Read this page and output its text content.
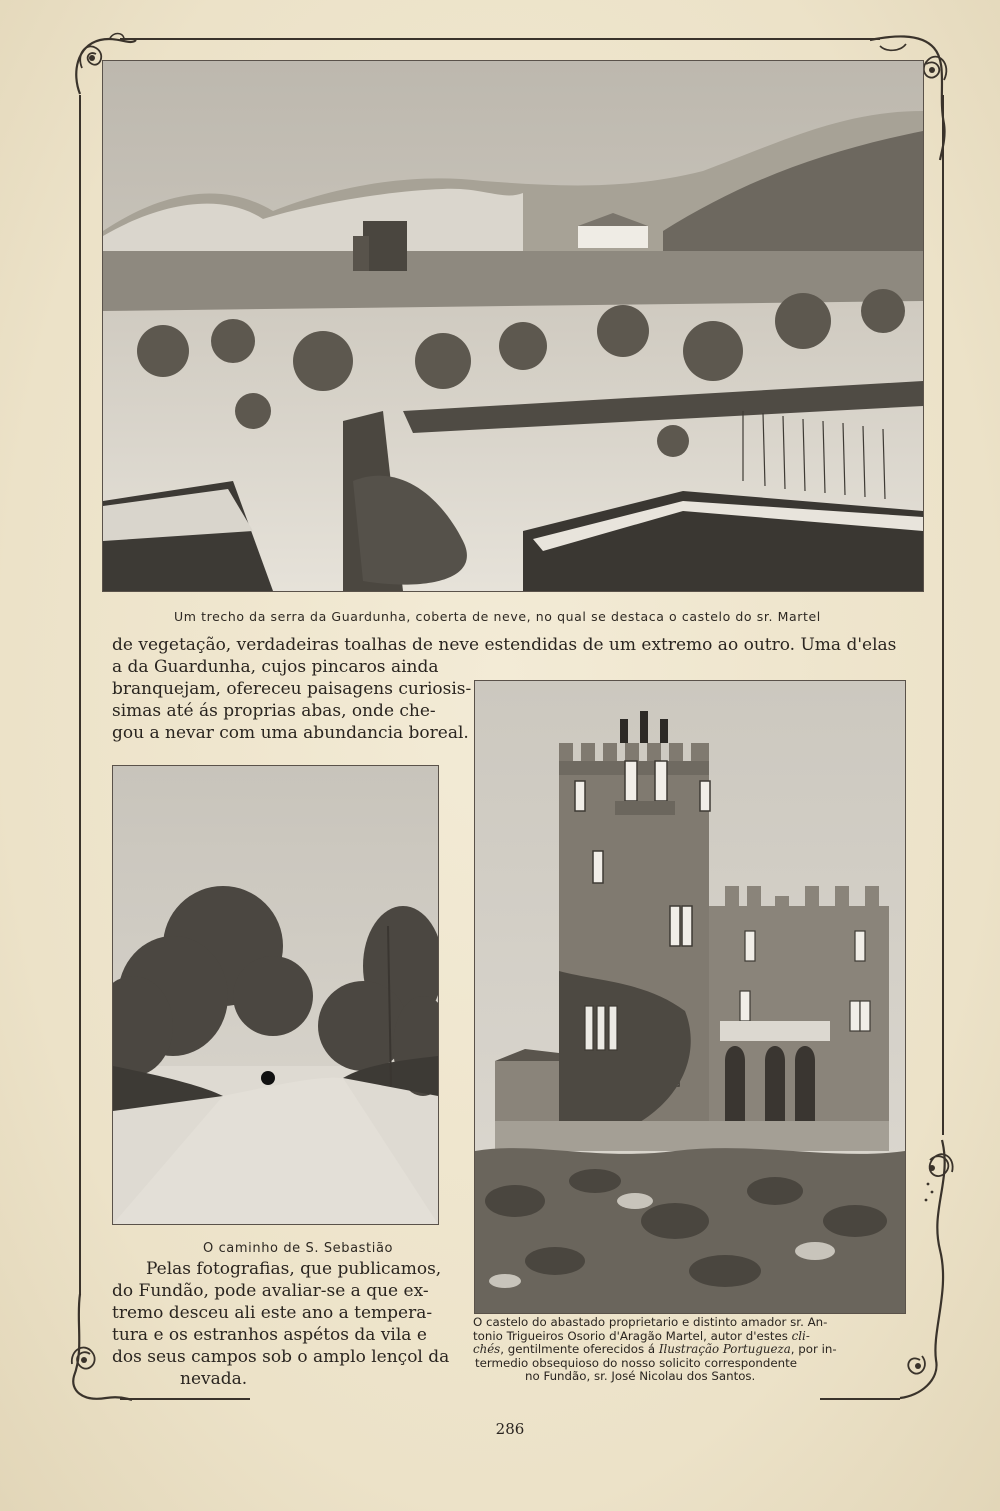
Um trecho da serra da Guardunha, coberta de neve, no qual se destaca o castelo do sr. Martel
de vegetação, verdadeiras toalhas de neve estendidas de um extremo ao outro. Uma d'elas
a da Guardunha, cujos pincaros ainda
branquejam, ofereceu paisagens curiosis-
simas até ás proprias abas, onde che-
gou a nevar com uma abundancia boreal.
O caminho de S. Sebastião
Pelas fotografias, que publicamos,
do Fundão, pode avaliar-se a que ex-
tremo desceu ali este ano a tempera-
tura e os estranhos aspétos da vila e
dos seus campos sob o amplo lençol da
nevada.
O castelo do abastado proprietario e distinto amador sr. An-
tonio Trigueiros Osorio d'Aragão Martel, autor d'estes cli-
chés, gentilmente oferecidos á Ilustração Portugueza, por in-
termedio obsequioso do nosso solicito correspondente
no Fundão, sr. José Nicolau dos Santos.
286
